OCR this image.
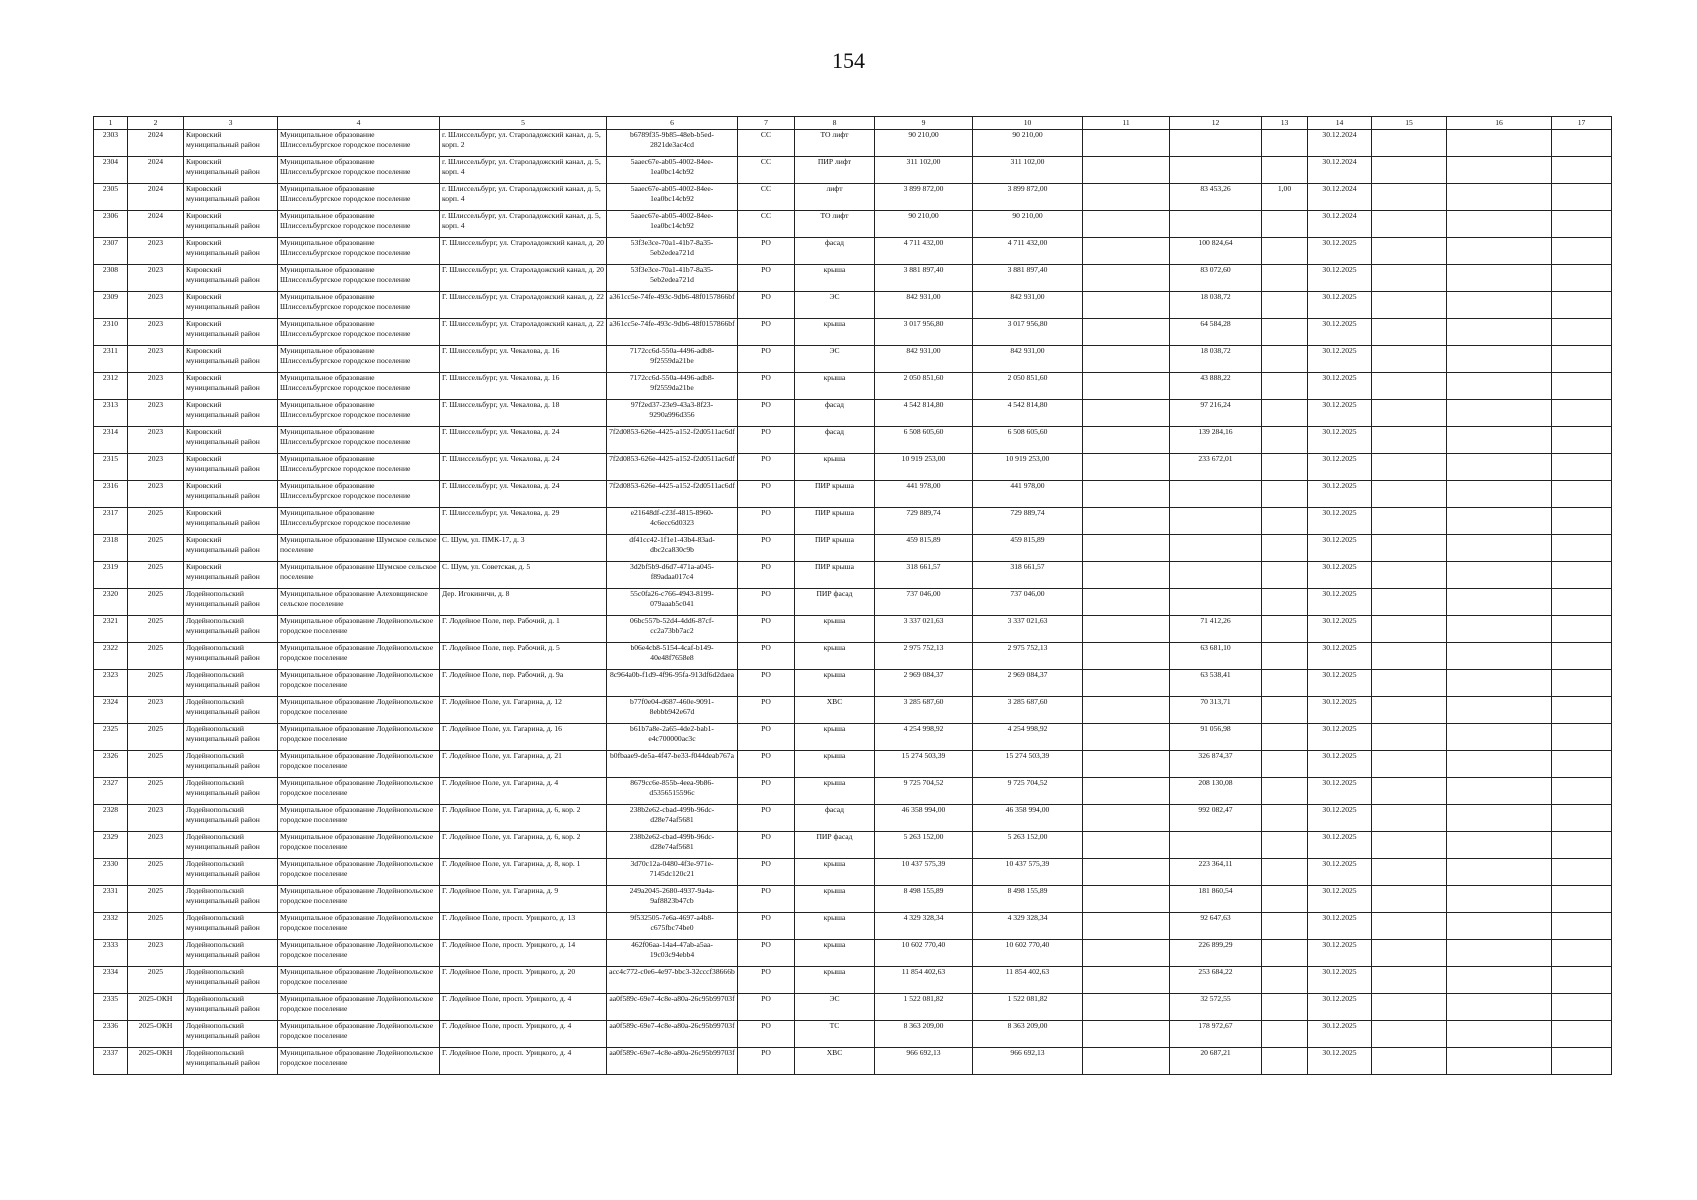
154
1	2	3	4	5	6	7	8	9	10	11	12	13	14	15	16	17
2303	2024	Кировский муниципальный район	Муниципальное образование Шлиссельбургское городское поселение	г. Шлиссельбург, ул. Староладожский канал, д. 5, корп. 2	b6789f35-9b85-48eb-b5ed-2821de3ac4cd	СС	ТО лифт	90 210,00	90 210,00				30.12.2024			
2304	2024	Кировский муниципальный район	Муниципальное образование Шлиссельбургское городское поселение	г. Шлиссельбург, ул. Староладожский канал, д. 5, корп. 4	5aaec67e-ab05-4002-84ee-1ea0bc14cb92	СС	ПИР лифт	311 102,00	311 102,00				30.12.2024			
2305	2024	Кировский муниципальный район	Муниципальное образование Шлиссельбургское городское поселение	г. Шлиссельбург, ул. Староладожский канал, д. 5, корп. 4	5aaec67e-ab05-4002-84ee-1ea0bc14cb92	СС	лифт	3 899 872,00	3 899 872,00		83 453,26	1,00	30.12.2024			
2306	2024	Кировский муниципальный район	Муниципальное образование Шлиссельбургское городское поселение	г. Шлиссельбург, ул. Староладожский канал, д. 5, корп. 4	5aaec67e-ab05-4002-84ee-1ea0bc14cb92	СС	ТО лифт	90 210,00	90 210,00				30.12.2024			
2307	2023	Кировский муниципальный район	Муниципальное образование Шлиссельбургское городское поселение	Г. Шлиссельбург, ул. Староладожский канал, д. 20	53f3e3ce-70a1-41b7-8a35-5eb2edea721d	РО	фасад	4 711 432,00	4 711 432,00		100 824,64		30.12.2025			
2308	2023	Кировский муниципальный район	Муниципальное образование Шлиссельбургское городское поселение	Г. Шлиссельбург, ул. Староладожский канал, д. 20	53f3e3ce-70a1-41b7-8a35-5eb2edea721d	РО	крыша	3 881 897,40	3 881 897,40		83 072,60		30.12.2025			
2309	2023	Кировский муниципальный район	Муниципальное образование Шлиссельбургское городское поселение	Г. Шлиссельбург, ул. Староладожский канал, д. 22	a361cc5e-74fe-493c-9db6-48f0157866bf	РО	ЭС	842 931,00	842 931,00		18 038,72		30.12.2025			
2310	2023	Кировский муниципальный район	Муниципальное образование Шлиссельбургское городское поселение	Г. Шлиссельбург, ул. Староладожский канал, д. 22	a361cc5e-74fe-493c-9db6-48f0157866bf	РО	крыша	3 017 956,80	3 017 956,80		64 584,28		30.12.2025			
2311	2023	Кировский муниципальный район	Муниципальное образование Шлиссельбургское городское поселение	Г. Шлиссельбург, ул. Чекалова, д. 16	7172cc6d-550a-4496-adb8-9f2559da21be	РО	ЭС	842 931,00	842 931,00		18 038,72		30.12.2025			
2312	2023	Кировский муниципальный район	Муниципальное образование Шлиссельбургское городское поселение	Г. Шлиссельбург, ул. Чекалова, д. 16	7172cc6d-550a-4496-adb8-9f2559da21be	РО	крыша	2 050 851,60	2 050 851,60		43 888,22		30.12.2025			
2313	2023	Кировский муниципальный район	Муниципальное образование Шлиссельбургское городское поселение	Г. Шлиссельбург, ул. Чекалова, д. 18	97f2ed37-23e9-43a3-8f23-9290a996d356	РО	фасад	4 542 814,80	4 542 814,80		97 216,24		30.12.2025			
2314	2023	Кировский муниципальный район	Муниципальное образование Шлиссельбургское городское поселение	Г. Шлиссельбург, ул. Чекалова, д. 24	7f2d0853-626e-4425-a152-f2d0511ac6df	РО	фасад	6 508 605,60	6 508 605,60		139 284,16		30.12.2025			
2315	2023	Кировский муниципальный район	Муниципальное образование Шлиссельбургское городское поселение	Г. Шлиссельбург, ул. Чекалова, д. 24	7f2d0853-626e-4425-a152-f2d0511ac6df	РО	крыша	10 919 253,00	10 919 253,00		233 672,01		30.12.2025			
2316	2023	Кировский муниципальный район	Муниципальное образование Шлиссельбургское городское поселение	Г. Шлиссельбург, ул. Чекалова, д. 24	7f2d0853-626e-4425-a152-f2d0511ac6df	РО	ПИР крыша	441 978,00	441 978,00				30.12.2025			
2317	2025	Кировский муниципальный район	Муниципальное образование Шлиссельбургское городское поселение	Г. Шлиссельбург, ул. Чекалова, д. 29	e21648df-c23f-4815-8960-4c6ecc6d0323	РО	ПИР крыша	729 889,74	729 889,74				30.12.2025			
2318	2025	Кировский муниципальный район	Муниципальное образование Шумское сельское поселение	С. Шум, ул. ПМК-17, д. 3	df41cc42-1f1e1-43b4-83ad-dbc2ca830c9b	РО	ПИР крыша	459 815,89	459 815,89				30.12.2025			
2319	2025	Кировский муниципальный район	Муниципальное образование Шумское сельское поселение	С. Шум, ул. Советская, д. 5	3d2bf5b9-d6d7-471a-a045-f89adaa017c4	РО	ПИР крыша	318 661,57	318 661,57				30.12.2025			
2320	2025	Лодейнопольский муниципальный район	Муниципальное образование Алеховщинское сельское поселение	Дер. Игокиничи, д. 8	55c0fa26-c766-4943-8199-079aaab5c041	РО	ПИР фасад	737 046,00	737 046,00				30.12.2025			
2321	2025	Лодейнопольский муниципальный район	Муниципальное образование Лодейнопольское городское поселение	Г. Лодейное Поле, пер. Рабочий, д. 1	06bc557b-52d4-4dd6-87cf-cc2a73bb7ac2	РО	крыша	3 337 021,63	3 337 021,63		71 412,26		30.12.2025			
2322	2025	Лодейнопольский муниципальный район	Муниципальное образование Лодейнопольское городское поселение	Г. Лодейное Поле, пер. Рабочий, д. 5	b06e4cb8-5154-4caf-b149-40e48f7658e8	РО	крыша	2 975 752,13	2 975 752,13		63 681,10		30.12.2025			
2323	2025	Лодейнопольский муниципальный район	Муниципальное образование Лодейнопольское городское поселение	Г. Лодейное Поле, пер. Рабочий, д. 9а	8c964a0b-f1d9-4f96-95fa-913df6d2daea	РО	крыша	2 969 084,37	2 969 084,37		63 538,41		30.12.2025			
2324	2023	Лодейнопольский муниципальный район	Муниципальное образование Лодейнопольское городское поселение	Г. Лодейное Поле, ул. Гагарина, д. 12	b77f0e04-d687-460e-9091-8ebbb942e67d	РО	ХВС	3 285 687,60	3 285 687,60		70 313,71		30.12.2025			
2325	2025	Лодейнопольский муниципальный район	Муниципальное образование Лодейнопольское городское поселение	Г. Лодейное Поле, ул. Гагарина, д. 16	b61b7a8e-2a65-4de2-bab1-e4c700000ac3c	РО	крыша	4 254 998,92	4 254 998,92		91 056,98		30.12.2025			
2326	2025	Лодейнопольский муниципальный район	Муниципальное образование Лодейнопольское городское поселение	Г. Лодейное Поле, ул. Гагарина, д. 21	b0fbaae9-de5a-4f47-be33-f044deab767a	РО	крыша	15 274 503,39	15 274 503,39		326 874,37		30.12.2025			
2327	2025	Лодейнопольский муниципальный район	Муниципальное образование Лодейнопольское городское поселение	Г. Лодейное Поле, ул. Гагарина, д. 4	8679cc6e-855b-4eea-9b86-d5356515596c	РО	крыша	9 725 704,52	9 725 704,52		208 130,08		30.12.2025			
2328	2023	Лодейнопольский муниципальный район	Муниципальное образование Лодейнопольское городское поселение	Г. Лодейное Поле, ул. Гагарина, д. 6, кор. 2	238b2e62-cbad-499b-96dc-d28e74af5681	РО	фасад	46 358 994,00	46 358 994,00		992 082,47		30.12.2025			
2329	2023	Лодейнопольский муниципальный район	Муниципальное образование Лодейнопольское городское поселение	Г. Лодейное Поле, ул. Гагарина, д. 6, кор. 2	238b2e62-cbad-499b-96dc-d28e74af5681	РО	ПИР фасад	5 263 152,00	5 263 152,00				30.12.2025			
2330	2025	Лодейнопольский муниципальный район	Муниципальное образование Лодейнопольское городское поселение	Г. Лодейное Поле, ул. Гагарина, д. 8, кор. 1	3d70c12a-0480-4f3e-971e-7145dc120c21	РО	крыша	10 437 575,39	10 437 575,39		223 364,11		30.12.2025			
2331	2025	Лодейнопольский муниципальный район	Муниципальное образование Лодейнопольское городское поселение	Г. Лодейное Поле, ул. Гагарина, д. 9	249a2045-2680-4937-9a4a-9af8823b47cb	РО	крыша	8 498 155,89	8 498 155,89		181 860,54		30.12.2025			
2332	2025	Лодейнопольский муниципальный район	Муниципальное образование Лодейнопольское городское поселение	Г. Лодейное Поле, просп. Урицкого, д. 13	9f532505-7e6a-4697-a4b8-c675fbc74be0	РО	крыша	4 329 328,34	4 329 328,34		92 647,63		30.12.2025			
2333	2023	Лодейнопольский муниципальный район	Муниципальное образование Лодейнопольское городское поселение	Г. Лодейное Поле, просп. Урицкого, д. 14	462f06aa-14a4-47ab-a5aa-19c03c94ebb4	РО	крыша	10 602 770,40	10 602 770,40		226 899,29		30.12.2025			
2334	2025	Лодейнопольский муниципальный район	Муниципальное образование Лодейнопольское городское поселение	Г. Лодейное Поле, просп. Урицкого, д. 20	acc4c772-c0e6-4e97-bbc3-32cccf38666b	РО	крыша	11 854 402,63	11 854 402,63		253 684,22		30.12.2025			
2335	2025-ОКН	Лодейнопольский муниципальный район	Муниципальное образование Лодейнопольское городское поселение	Г. Лодейное Поле, просп. Урицкого, д. 4	aa0f589c-69e7-4c8e-a80a-26c95b99703f	РО	ЭС	1 522 081,82	1 522 081,82		32 572,55		30.12.2025			
2336	2025-ОКН	Лодейнопольский муниципальный район	Муниципальное образование Лодейнопольское городское поселение	Г. Лодейное Поле, просп. Урицкого, д. 4	aa0f589c-69e7-4c8e-a80a-26c95b99703f	РО	ТС	8 363 209,00	8 363 209,00		178 972,67		30.12.2025			
2337	2025-ОКН	Лодейнопольский муниципальный район	Муниципальное образование Лодейнопольское городское поселение	Г. Лодейное Поле, просп. Урицкого, д. 4	aa0f589c-69e7-4c8e-a80a-26c95b99703f	РО	ХВС	966 692,13	966 692,13		20 687,21		30.12.2025			
